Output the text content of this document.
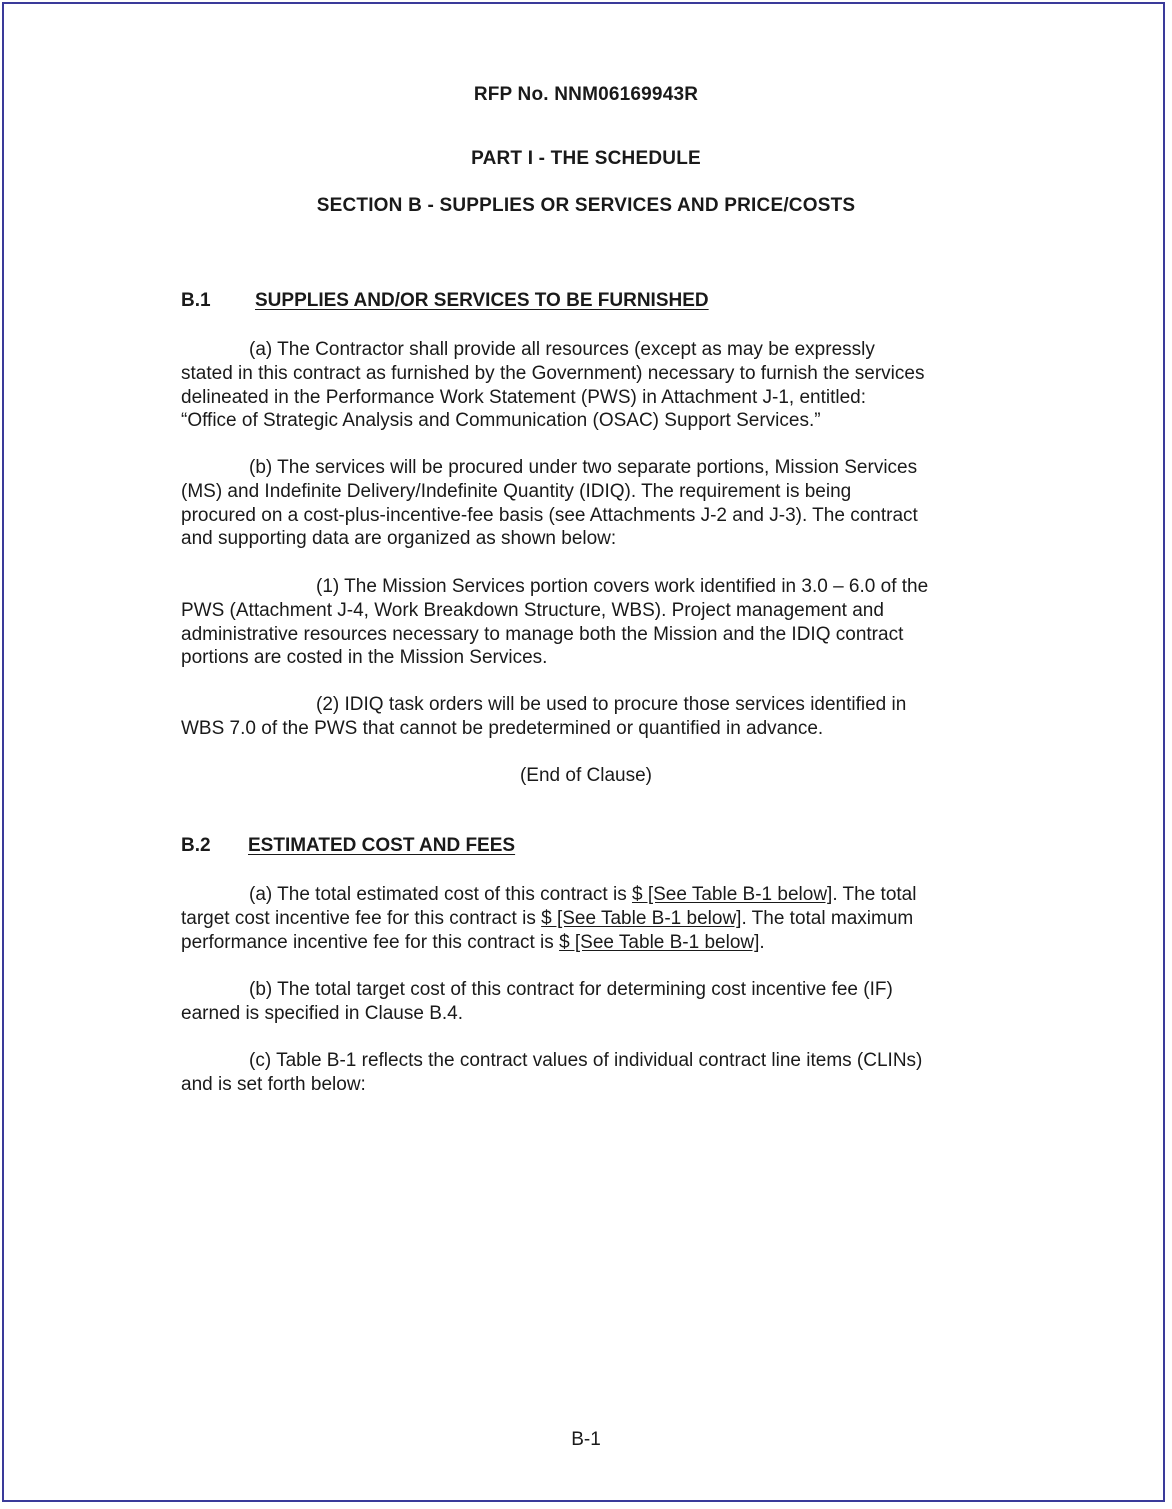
RFP No. NNM06169943R
PART I - THE SCHEDULE
SECTION B - SUPPLIES OR SERVICES AND PRICE/COSTS
B.1	SUPPLIES AND/OR SERVICES TO BE FURNISHED
(a) The Contractor shall provide all resources (except as may be expressly
stated in this contract as furnished by the Government) necessary to furnish the services
delineated in the Performance Work Statement (PWS) in Attachment J-1, entitled:
“Office of Strategic Analysis and Communication (OSAC) Support Services.”
(b) The services will be procured under two separate portions, Mission Services
(MS) and Indefinite Delivery/Indefinite Quantity (IDIQ). The requirement is being
procured on a cost-plus-incentive-fee basis (see Attachments J-2 and J-3). The contract
and supporting data are organized as shown below:
(1) The Mission Services portion covers work identified in 3.0 – 6.0 of the
PWS (Attachment J-4, Work Breakdown Structure, WBS). Project management and
administrative resources necessary to manage both the Mission and the IDIQ contract
portions are costed in the Mission Services.
(2) IDIQ task orders will be used to procure those services identified in
WBS 7.0 of the PWS that cannot be predetermined or quantified in advance.
(End of Clause)
B.2	ESTIMATED COST AND FEES
(a) The total estimated cost of this contract is $ [See Table B-1 below]. The total
target cost incentive fee for this contract is $ [See Table B-1 below]. The total maximum
performance incentive fee for this contract is $ [See Table B-1 below].
(b) The total target cost of this contract for determining cost incentive fee (IF)
earned is specified in Clause B.4.
(c) Table B-1 reflects the contract values of individual contract line items (CLINs)
and is set forth below:
B-1
